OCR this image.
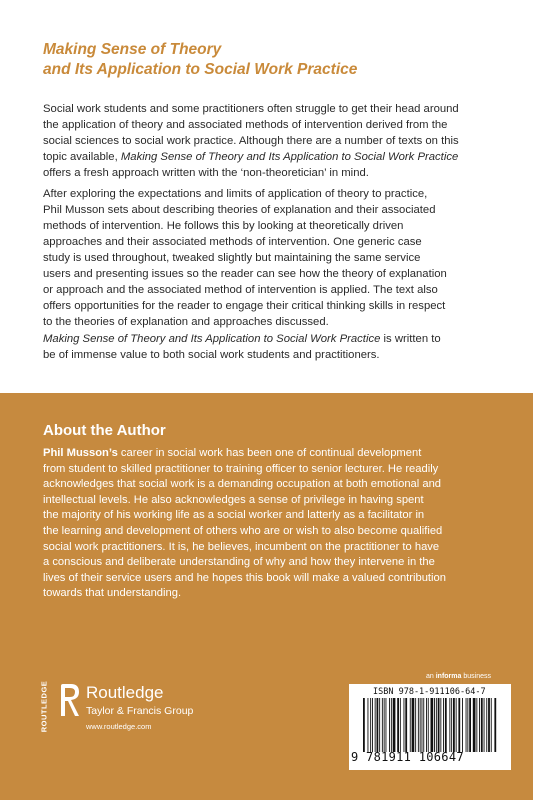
Making Sense of Theory
and Its Application to Social Work Practice
Social work students and some practitioners often struggle to get their head around
the application of theory and associated methods of intervention derived from the
social sciences to social work practice. Although there are a number of texts on this
topic available, Making Sense of Theory and Its Application to Social Work Practice
offers a fresh approach written with the ‘non-theoretician’ in mind.
After exploring the expectations and limits of application of theory to practice,
Phil Musson sets about describing theories of explanation and their associated
methods of intervention. He follows this by looking at theoretically driven
approaches and their associated methods of intervention. One generic case
study is used throughout, tweaked slightly but maintaining the same service
users and presenting issues so the reader can see how the theory of explanation
or approach and the associated method of intervention is applied. The text also
offers opportunities for the reader to engage their critical thinking skills in respect
to the theories of explanation and approaches discussed.
Making Sense of Theory and Its Application to Social Work Practice is written to
be of immense value to both social work students and practitioners.
About the Author
Phil Musson’s career in social work has been one of continual development
from student to skilled practitioner to training officer to senior lecturer. He readily
acknowledges that social work is a demanding occupation at both emotional and
intellectual levels. He also acknowledges a sense of privilege in having spent
the majority of his working life as a social worker and latterly as a facilitator in
the learning and development of others who are or wish to also become qualified
social work practitioners. It is, he believes, incumbent on the practitioner to have
a conscious and deliberate understanding of why and how they intervene in the
lives of their service users and he hopes this book will make a valued contribution
towards that understanding.
ROUTLEDGE Routledge
Taylor & Francis Group
www.routledge.com
an informa business
ISBN 978-1-911106-64-7
9 781911 106647
